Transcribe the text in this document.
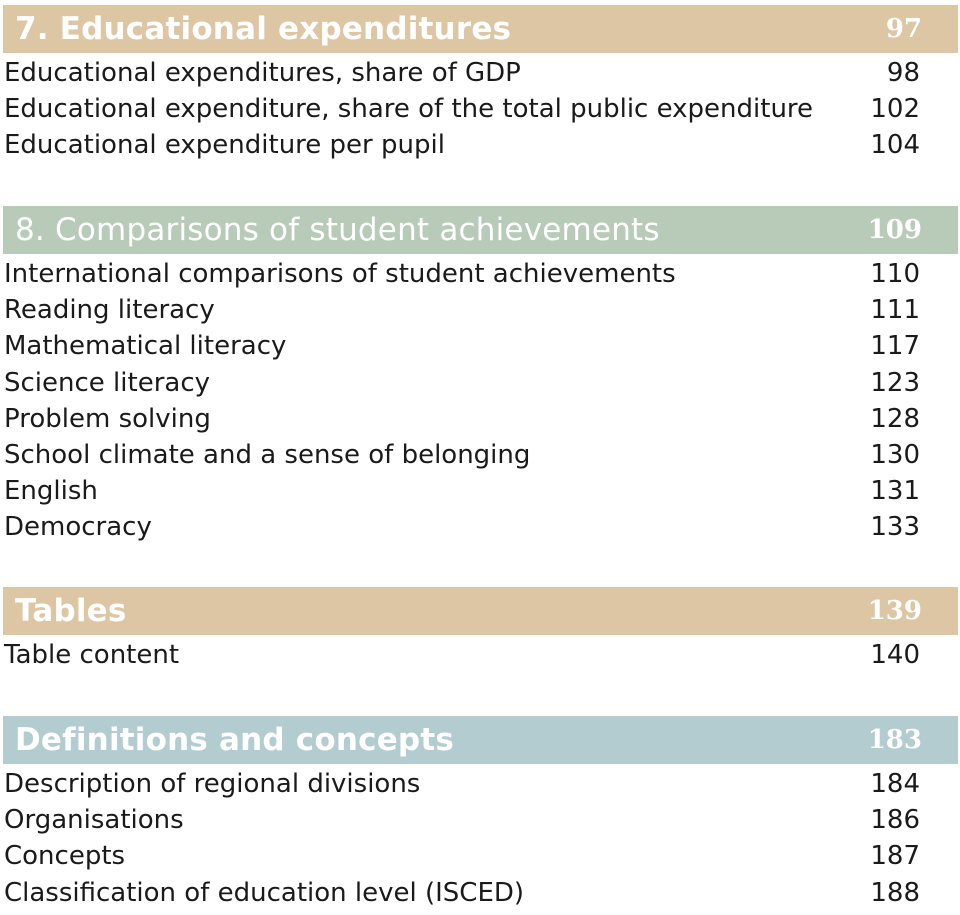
7. Educational expenditures	97
Educational expenditures, share of GDP	98
Educational expenditure, share of the total public expenditure 102
Educational expenditure per pupil	104
8. Comparisons of student achievements	109
International comparisons of student achievements	110
Reading literacy	111
Mathematical literacy	117
Science literacy	123
Problem solving	128
School climate and a sense of belonging	130
English	131
Democracy	133
Tables	139
Table content	140
Definitions and concepts	183
Description of regional divisions	184
Organisations	186
Concepts	187
Classification of education level (ISCED)	188
